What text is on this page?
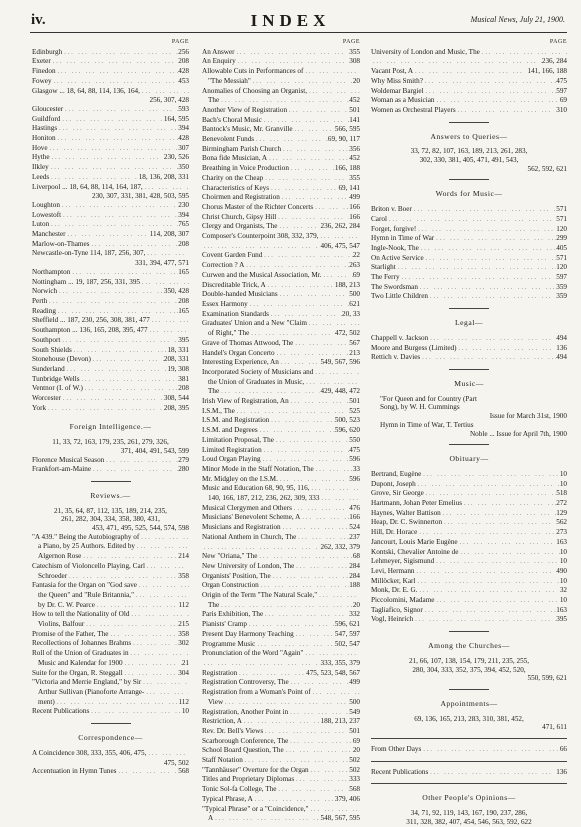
iv.	INDEX	Musical News, July 21, 1900.
PAGE
Edinburgh ... .	256
Exeter ... .	208
Finedon ... .	428
Fowey ... .	453
Glasgow ... 18, 64, 88, 114, 136, 164,
... .
256, 307, 428
Gloucester ... .	593
Guildford ... .	164, 595
Hastings ... .	394
Honiton ... .	428
Hove ... .	307
Hythe ... .	230, 526
Ilkley ... .	350
Leeds ... .	18, 136, 208, 331
Liverpool ... 18, 64, 88, 114, 164, 187,
... .
230, 307, 331, 381, 428, 503, 595
Loughton ... .	230
Lowestoft ... .	394
Luton ... .	765
Manchester ... .	114, 208, 307
Marlow-on-Thames ... .	208
Newcastle-on-Tyne 114, 187, 256, 307,
... .
331, 394, 477, 571
Northampton ... .	165
Nottingham ... 19, 187, 256, 331, 395
... .
Norwich ... .	350, 428
Perth ... .	208
Reading ... .	165
Sheffield ... 187, 230, 256, 308, 381, 477
... .
Southampton ... 136, 165, 208, 395, 477
... .
Southport ... .	395
South Shields ... .	18, 331
Stonehouse (Devon) ... .	208, 331
Sunderland ... .	19, 308
Tunbridge Wells ... .	381
Ventnor (I. of W.) ... .	208
Worcester ... .	308, 544
York ... .	208, 395
Foreign Intelligence.—
11, 33, 72, 163, 179, 235, 261, 279, 326,
371, 404, 491, 543, 599
Florence Musical Season ... .	279
Frankfort-am-Maine ... .	280
Reviews.—
21, 35, 64, 87, 112, 135, 189, 214, 235,
261, 282, 304, 334, 358, 380, 431,
453, 471, 495, 525, 544, 574, 598
"A 439." Being the Autobiography of
... .
a Piano, by 25 Authors. Edited by
... .
Algernon Rose ... .	214
Catechism of Violoncello Playing, Carl
... .
Schroeder ... .	358
Fantasia for the Organ on "God save
... .
the Queen" and "Rule Britannia,"
... .
by Dr. C. W. Pearce ... .	112
How to tell the Nationality of Old
... .
Violins, Balfour ... .	215
Promise of the Father, The ... .	358
Recollections of Johannes Brahms ... .	302
Roll of the Union of Graduates in
... .
Music and Kalendar for 1900 ... .	21
Suite for the Organ, R. Steggall ... .	304
"Victoria and Merrie England," by Sir
... .
Arthur Sullivan (Pianoforte Arrange-
... .
ment) ... .	112
Recent Publications ... .	10
Correspondence—
A Coincidence 308, 333, 355, 406, 475,
... .
475, 502
Accentuation in Hymn Tunes ... .	568
PAGE
An Answer ... .	355
An Enquiry ... .	308
Allowable Cuts in Performances of
... .
"The Messiah" ... .	20
Anomalies of Choosing an Organist,
... .
The ... .	452
Another View of Registration ... .	501
Bach's Choral Music ... .	141
Bantock's Music, Mr. Granville ... .	566, 595
Benevolent Funds ... .	69, 90, 117
Birmingham Parish Church ... .	356
Bona fide Musician, A ... .	452
Breathing in Voice Production ... .	166, 188
Charity on the Cheap ... .	355
Characteristics of Keys ... .	69, 141
Choirmen and Registration ... .	499
Chorus Master of the Richter Concerts ... .	166
Christ Church, Gipsy Hill ... .	166
Clergy and Organists, The ... .	236, 262, 284
Composer's Counterpoint 308, 332, 379,
... .
... .
406, 475, 547
Covent Garden Fund ... .	22
Correction ? A ... .	263
Curwen and the Musical Association, Mr. ... .	69
Discreditable Trick, A ... .	188, 213
Double-handed Musicians ... .	500
Essex Harmony ... .	621
Examination Standards ... .	20, 33
Graduates' Union and a New "Claim
... .
of Right," The ... .	472, 502
Grave of Thomas Attwood, The ... .	567
Handel's Organ Concerto ... .	213
Interesting Experience, An ... .	549, 567, 596
Incorporated Society of Musicians and
... .
the Union of Graduates in Music,
... .
The ... .	429, 448, 472
Irish View of Registration, An ... .	501
I.S.M., The ... .	525
I.S.M. and Registration ... .	500, 523
I.S.M. and Degrees ... .	596, 620
Limitation Proposal, The ... .	550
Limited Registration ... .	475
Loud Organ Playing ... .	596
Minor Mode in the Staff Notation, The ... .	33
Mr. Midgley on the I.S.M. ... .	596
Music and Education 68, 90, 95, 116,
... .
140, 166, 187, 212, 236, 262, 309, 333
... .
Musical Clergymen and Others ... .	476
Musicians' Benevolent Scheme, A ... .	166
Musicians and Registration ... .	524
National Anthem in Church, The ... .	237
... .
262, 332, 379
New "Oriana," The ... .	68
New University of London, The ... .	284
Organists' Position, The ... .	284
Organ Construction ... .	188
Origin of the Term "The Natural Scale,"
... .
The ... .	20
Paris Exhibition, The ... .	332
Pianists' Cramp ... .	596, 621
Present Day Harmony Teaching ... .	547, 597
Programme Music ... .	502, 547
Pronunciation of the Word "Again"
... .
... .
333, 355, 379
Registration ... .	475, 523, 548, 567
Registration Controversy, The ... .	499
Registration from a Woman's Point of
... .
View ... .	500
Registration, Another Point in ... .	549
Restriction, A ... .	188, 213, 237
Rev. Dr. Bell's Views ... .	501
Scarborough Conference, The ... .	69
School Board Question, The ... .	20
Staff Notation ... .	502
"Tannhäuser" Overture for the Organ ... .	502
Titles and Proprietary Diplomas ... .	333
Tonic Sol-fa College, The ... .	568
Typical Phrase, A ... .	379, 406
"Typical Phrase" or a "Coincidence,"
... .
A ... .	548, 567, 595
PAGE
University of London and Music, The
... .
... .
236, 284
Vacant Post, A ... .	141, 166, 188
Why Miss Smith? ... .	475
Woldemar Bargiel ... .	597
Woman as a Musician ... .	69
Women as Orchestral Players ... .	310
Answers to Queries—
33, 72, 82, 107, 163, 189, 213, 261, 283,
302, 330, 381, 405, 471, 491, 543,
562, 592, 621
Words for Music—
Briton v. Boer ... .	571
Carol ... .	571
Forget, forgive! ... .	120
Hymn in Time of War ... .	299
Ingle-Nook, The ... .	405
On Active Service ... .	571
Starlight ... .	120
The Ferry ... .	597
The Swordsman ... .	359
Two Little Children ... .	359
Legal—
Chappell v. Jackson ... .	494
Moore and Burgess (Limited) ... .	136
Rettich v. Davies ... .	494
Music—
"For Queen and for Country (Part
Song), by W. H. Cummings
Issue for March 31st, 1900
Hymn in Time of War, T. Tertius
Noble ... Issue for April 7th, 1900
Obituary—
Bertrand, Eugène ... .	10
Dupont, Joseph ... .	10
Grove, Sir George ... .	518
Hartmann, Johan Peter Emelius ... .	272
Haynes, Walter Battison ... .	129
Heap, Dr. C. Swinnerton ... .	562
Hill, Dr. Horace ... .	273
Jancourt, Louis Marie Eugène ... .	163
Kontski, Chevalier Antoine de ... .	10
Lehmeyer, Sigismund ... .	10
Levi, Hermann ... .	490
Millöcker, Karl ... .	10
Monk, Dr. E. G. ... .	32
Piccolomini, Madame ... .	10
Tagliafico, Signor ... .	163
Vogl, Heinrich ... .	395
Among the Churches—
21, 66, 107, 138, 154, 179, 211, 235, 255,
280, 304, 333, 352, 375, 394, 452, 520,
550, 599, 621
Appointments—
69, 136, 165, 213, 283, 310, 381, 452,
471, 611
From Other Days ... .	66
Recent Publications ... .	136
Other People's Opinions—
34, 71, 92, 119, 143, 167, 190, 237, 286,
311, 328, 382, 407, 454, 546, 563, 592, 622
